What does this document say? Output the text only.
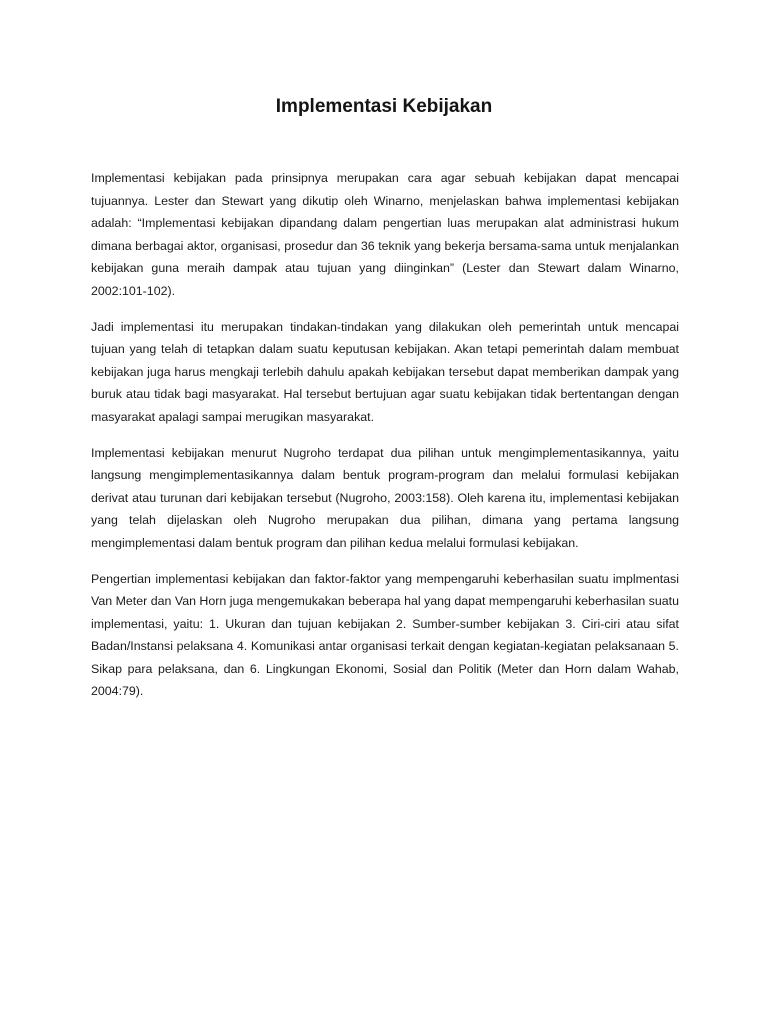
Implementasi Kebijakan

Implementasi kebijakan pada prinsipnya merupakan cara agar sebuah kebijakan dapat mencapai tujuannya. Lester dan Stewart yang dikutip oleh Winarno, menjelaskan bahwa implementasi kebijakan adalah: “Implementasi kebijakan dipandang dalam pengertian luas merupakan alat administrasi hukum dimana berbagai aktor, organisasi, prosedur dan 36 teknik yang bekerja bersama-sama untuk menjalankan kebijakan guna meraih dampak atau tujuan yang diinginkan” (Lester dan Stewart dalam Winarno, 2002:101-102).

Jadi implementasi itu merupakan tindakan-tindakan yang dilakukan oleh pemerintah untuk mencapai tujuan yang telah di tetapkan dalam suatu keputusan kebijakan. Akan tetapi pemerintah dalam membuat kebijakan juga harus mengkaji terlebih dahulu apakah kebijakan tersebut dapat memberikan dampak yang buruk atau tidak bagi masyarakat. Hal tersebut bertujuan agar suatu kebijakan tidak bertentangan dengan masyarakat apalagi sampai merugikan masyarakat.

Implementasi kebijakan menurut Nugroho terdapat dua pilihan untuk mengimplementasikannya, yaitu langsung mengimplementasikannya dalam bentuk program-program dan melalui formulasi kebijakan derivat atau turunan dari kebijakan tersebut (Nugroho, 2003:158). Oleh karena itu, implementasi kebijakan yang telah dijelaskan oleh Nugroho merupakan dua pilihan, dimana yang pertama langsung mengimplementasi dalam bentuk program dan pilihan kedua melalui formulasi kebijakan.

Pengertian implementasi kebijakan dan faktor-faktor yang mempengaruhi keberhasilan suatu implmentasi Van Meter dan Van Horn juga mengemukakan beberapa hal yang dapat mempengaruhi keberhasilan suatu implementasi, yaitu: 1. Ukuran dan tujuan kebijakan 2. Sumber-sumber kebijakan 3. Ciri-ciri atau sifat Badan/Instansi pelaksana 4. Komunikasi antar organisasi terkait dengan kegiatan-kegiatan pelaksanaan 5. Sikap para pelaksana, dan 6. Lingkungan Ekonomi, Sosial dan Politik (Meter dan Horn dalam Wahab, 2004:79).
